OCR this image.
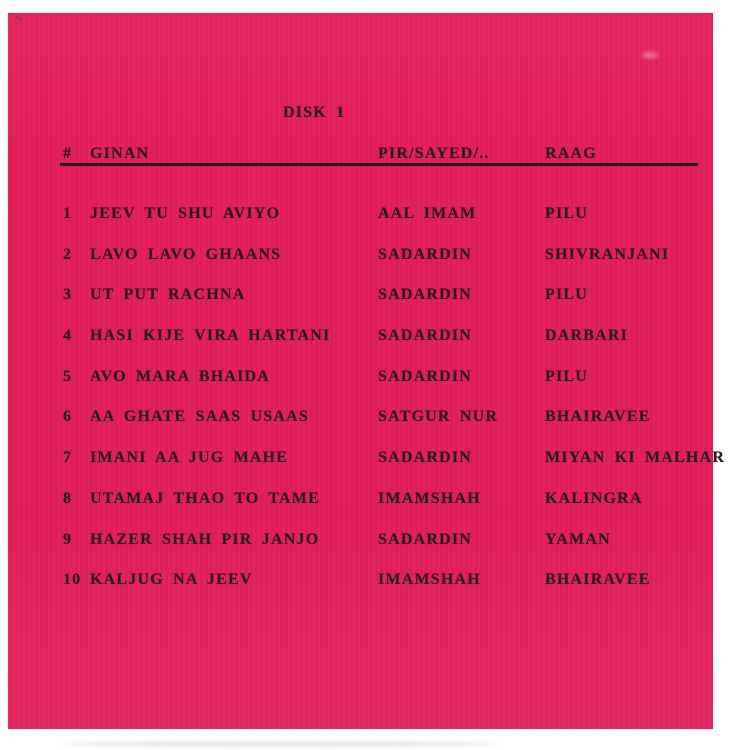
DISK 1
# GINAN	PIR/SAYED/..	RAAG
1 JEEV TU SHU AVIYO	AAL IMAM	PILU
2 LAVO LAVO GHAANS	SADARDIN	SHIVRANJANI
3 UT PUT RACHNA	SADARDIN	PILU
4 HASI KIJE VIRA HARTANI	SADARDIN	DARBARI
5 AVO MARA BHAIDA	SADARDIN	PILU
6 AA GHATE SAAS USAAS	SATGUR NUR	BHAIRAVEE
7 IMANI AA JUG MAHE	SADARDIN	MIYAN KI MALHAR
8 UTAMAJ THAO TO TAME	IMAMSHAH	KALINGRA
9 HAZER SHAH PIR JANJO	SADARDIN	YAMAN
10 KALJUG NA JEEV	IMAMSHAH	BHAIRAVEE
